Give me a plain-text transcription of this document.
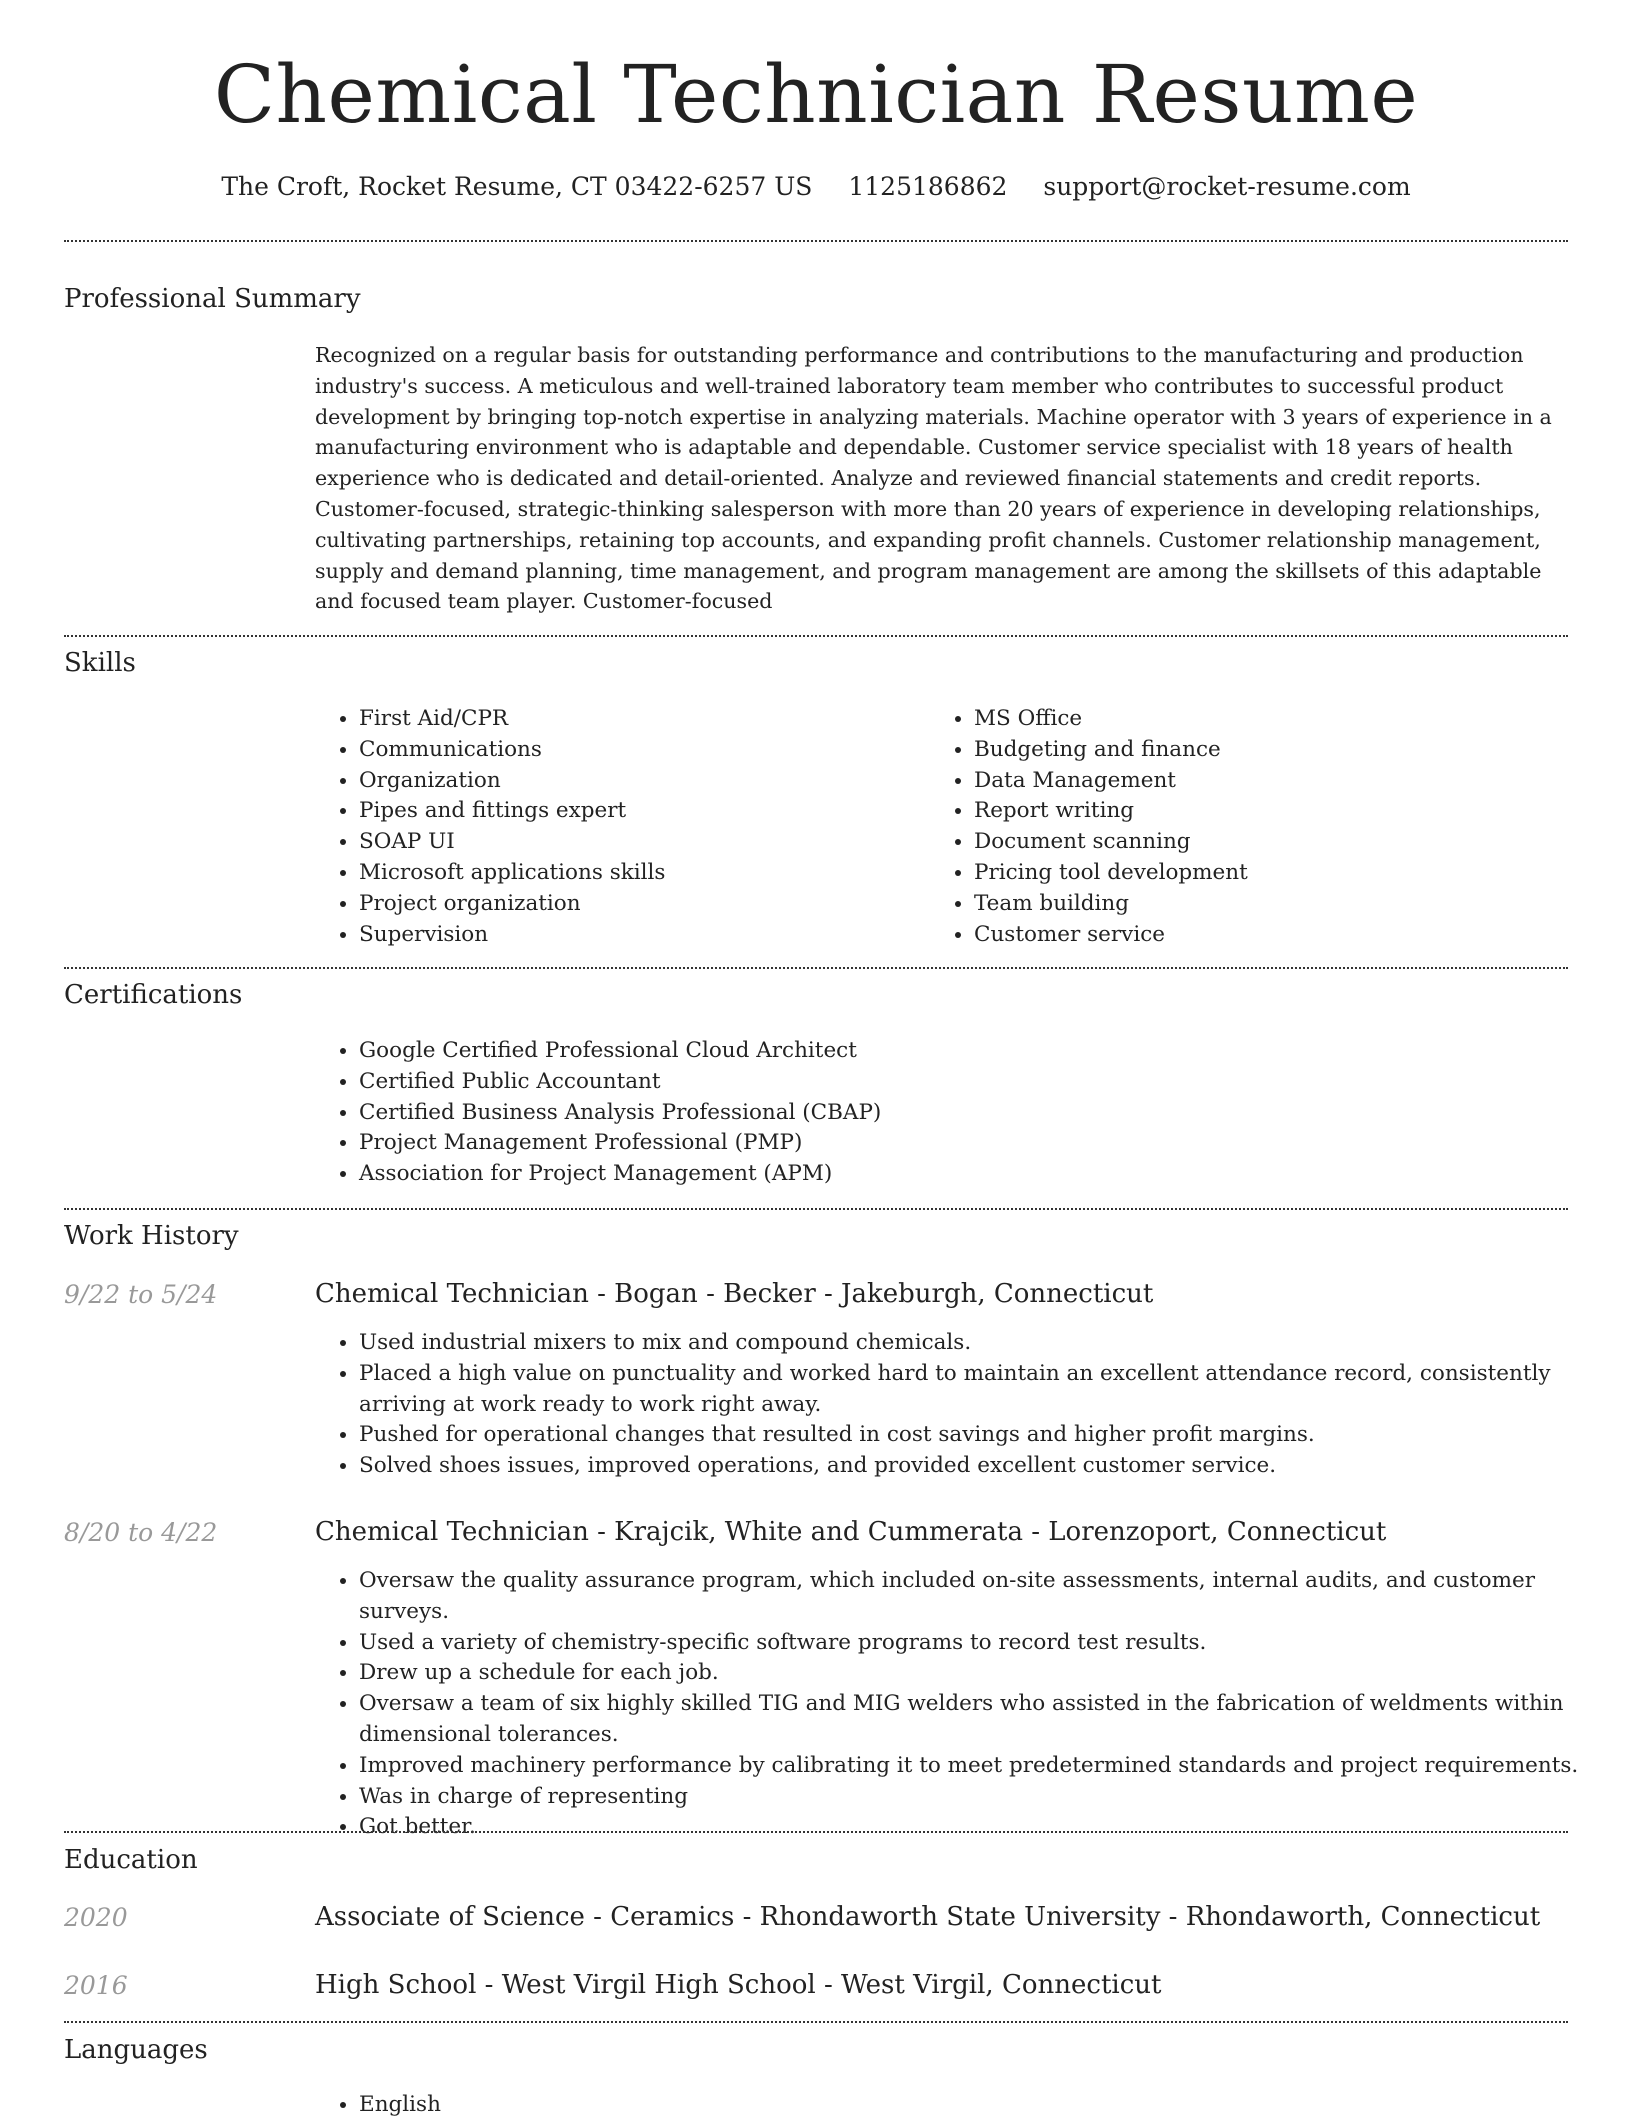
Chemical Technician Resume
The Croft, Rocket Resume, CT 03422-6257 US 1125186862 support@rocket-resume.com
Professional Summary

Recognized on a regular basis for outstanding performance and contributions to the manufacturing and production industry's success. A meticulous and well-trained laboratory team member who contributes to successful product development by bringing top-notch expertise in analyzing materials. Machine operator with 3 years of experience in a manufacturing environment who is adaptable and dependable. Customer service specialist with 18 years of health experience who is dedicated and detail-oriented. Analyze and reviewed financial statements and credit reports. Customer-focused, strategic-thinking salesperson with more than 20 years of experience in developing relationships, cultivating partnerships, retaining top accounts, and expanding profit channels. Customer relationship management, supply and demand planning, time management, and program management are among the skillsets of this adaptable and focused team player. Customer-focused

Skills
• First Aid/CPR
• Communications
• Organization
• Pipes and fittings expert
• SOAP UI
• Microsoft applications skills
• Project organization
• Supervision
• MS Office
• Budgeting and finance
• Data Management
• Report writing
• Document scanning
• Pricing tool development
• Team building
• Customer service
Certifications
• Google Certified Professional Cloud Architect
• Certified Public Accountant
• Certified Business Analysis Professional (CBAP)
• Project Management Professional (PMP)
• Association for Project Management (APM)
Work History
9/22 to 5/24	Chemical Technician - Bogan - Becker - Jakeburgh, Connecticut
• Used industrial mixers to mix and compound chemicals.
• Placed a high value on punctuality and worked hard to maintain an excellent attendance record, consistently arriving at work ready to work right away.
• Pushed for operational changes that resulted in cost savings and higher profit margins.
• Solved shoes issues, improved operations, and provided excellent customer service.
8/20 to 4/22	Chemical Technician - Krajcik, White and Cummerata - Lorenzoport, Connecticut
• Oversaw the quality assurance program, which included on-site assessments, internal audits, and customer surveys.
• Used a variety of chemistry-specific software programs to record test results.
• Drew up a schedule for each job.
• Oversaw a team of six highly skilled TIG and MIG welders who assisted in the fabrication of weldments within dimensional tolerances.
• Improved machinery performance by calibrating it to meet predetermined standards and project requirements.
• Was in charge of representing
• Got better.
Education
2020	Associate of Science - Ceramics - Rhondaworth State University - Rhondaworth, Connecticut
2016	High School - West Virgil High School - West Virgil, Connecticut
Languages
• English
